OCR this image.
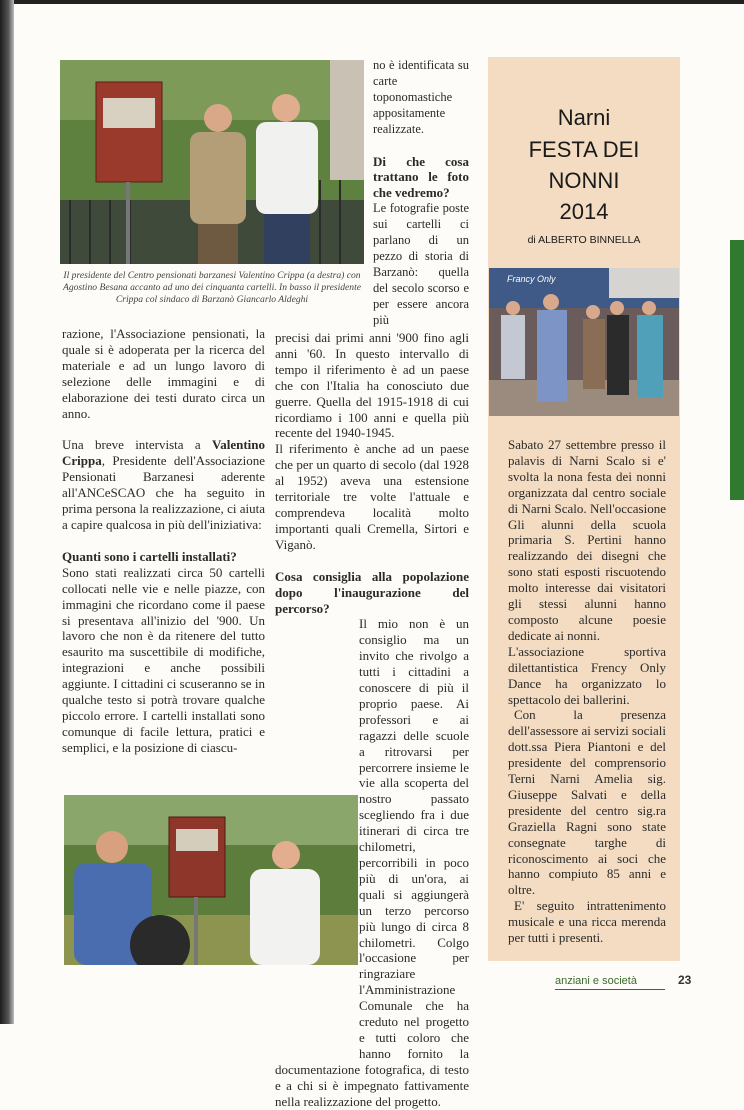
Il presidente del Centro pensionati barzanesi Valentino Crippa (a destra) con Agostino Besana accanto ad uno dei cinquanta cartelli. In basso il presidente Crippa col sindaco di Barzanò Giancarlo Aldeghi

no è identificata su carte toponomastiche appositamente realizzate.

Di che cosa trattano le foto che vedremo?

Le fotografie poste sui cartelli ci parlano di un pezzo di storia di Barzanò: quella del secolo scorso e per essere ancora più

razione, l'Associazione pensionati, la quale si è adoperata per la ricerca del materiale e ad un lungo lavoro di selezione delle immagini e di elaborazione dei testi durato circa un anno.

Una breve intervista a Valentino Crippa, Presidente dell'Associazione Pensionati Barzanesi aderente all'ANCeSCAO che ha seguito in prima persona la realizzazione, ci aiuta a capire qualcosa in più dell'iniziativa:

Quanti sono i cartelli installati?

Sono stati realizzati circa 50 cartelli collocati nelle vie e nelle piazze, con immagini che ricordano come il paese si presentava all'inizio del '900. Un lavoro che non è da ritenere del tutto esaurito ma suscettibile di modifiche, integrazioni e anche possibili aggiunte. I cittadini ci scuseranno se in qualche testo si potrà trovare qualche piccolo errore. I cartelli installati sono comunque di facile lettura, pratici e semplici, e la posizione di ciascu-

precisi dai primi anni '900 fino agli anni '60. In questo intervallo di tempo il riferimento è ad un paese che con l'Italia ha conosciuto due guerre. Quella del 1915-1918 di cui ricordiamo i 100 anni e quella più recente del 1940-1945.

Il riferimento è anche ad un paese che per un quarto di secolo (dal 1928 al 1952) aveva una estensione territoriale tre volte l'attuale e comprendeva località molto importanti quali Cremella, Sirtori e Viganò.

Cosa consiglia alla popolazione dopo l'inaugurazione del percorso?

Il mio non è un consiglio ma un invito che rivolgo a tutti i cittadini a conoscere di più il proprio paese. Ai professori e ai ragazzi delle scuole a ritrovarsi per percorrere insieme le vie alla scoperta del nostro passato scegliendo fra i due itinerari di circa tre chilometri, percorribili in poco più di un'ora, ai quali si aggiungerà un terzo percorso più lungo di circa 8 chilometri. Colgo l'occasione per ringraziare l'Amministrazione Comunale che ha creduto nel progetto e tutti coloro che hanno fornito la documentazione fotografica, di testo e a chi si è impegnato fattivamente nella realizzazione del progetto.

Narni
FESTA DEI
NONNI
2014
di ALBERTO BINNELLA
Francy Only

Sabato 27 settembre presso il palavis di Narni Scalo si e' svolta la nona festa dei nonni organizzata dal centro sociale di Narni Scalo. Nell'occasione Gli alunni della scuola primaria S. Pertini hanno realizzando dei disegni che sono stati esposti riscuotendo molto interesse dai visitatori gli stessi alunni hanno composto alcune poesie dedicate ai nonni.

L'associazione sportiva dilettantistica Frency Only Dance ha organizzato lo spettacolo dei ballerini.

Con la presenza dell'assessore ai servizi sociali dott.ssa Piera Piantoni e del presidente del comprensorio Terni Narni Amelia sig. Giuseppe Salvati e della presidente del centro sig.ra Graziella Ragni sono state consegnate targhe di riconoscimento ai soci che hanno compiuto 85 anni e oltre.

E' seguito intrattenimento musicale e una ricca merenda per tutti i presenti.

anziani e società	23
